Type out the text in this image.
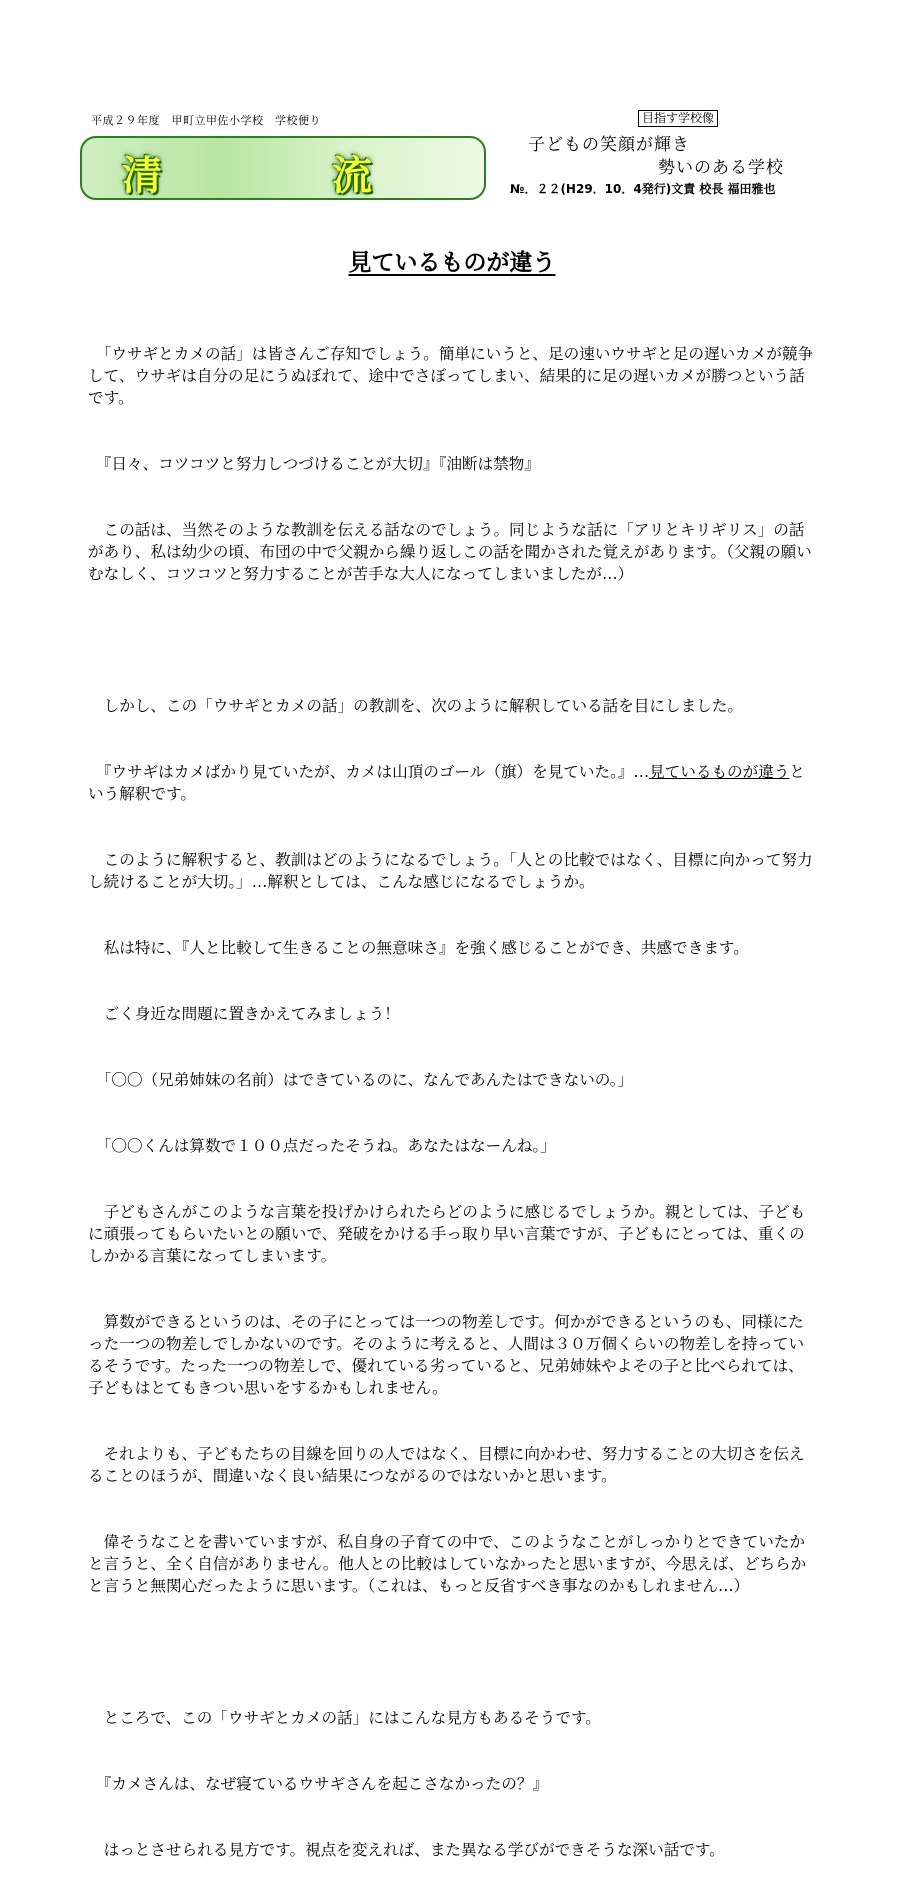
平成２９年度　甲町立甲佐小学校　学校便り
清	流
目指す学校像
子どもの笑顔が輝き
勢いのある学校
№．２２(H29．10．4発行)文責 校長 福田雅也
見ているものが違う

　「ウサギとカメの話」は皆さんご存知でしょう。簡単にいうと、足の速いウサギと足の遅いカメが競争して、ウサギは自分の足にうぬぼれて、途中でさぼってしまい、結果的に足の遅いカメが勝つという話です。

　『日々、コツコツと努力しつづけることが大切』『油断は禁物』

　この話は、当然そのような教訓を伝える話なのでしょう。同じような話に「アリとキリギリス」の話があり、私は幼少の頃、布団の中で父親から繰り返しこの話を聞かされた覚えがあります。（父親の願いむなしく、コツコツと努力することが苦手な大人になってしまいましたが…）

　しかし、この「ウサギとカメの話」の教訓を、次のように解釈している話を目にしました。

　『ウサギはカメばかり見ていたが、カメは山頂のゴール（旗）を見ていた。』…見ているものが違うという解釈です。

　このように解釈すると、教訓はどのようになるでしょう。「人との比較ではなく、目標に向かって努力し続けることが大切。」…解釈としては、こんな感じになるでしょうか。

　私は特に、『人と比較して生きることの無意味さ』を強く感じることができ、共感できます。

　ごく身近な問題に置きかえてみましょう！

　「〇〇（兄弟姉妹の名前）はできているのに、なんであんたはできないの。」

　「〇〇くんは算数で１００点だったそうね。あなたはなーんね。」

　子どもさんがこのような言葉を投げかけられたらどのように感じるでしょうか。親としては、子どもに頑張ってもらいたいとの願いで、発破をかける手っ取り早い言葉ですが、子どもにとっては、重くのしかかる言葉になってしまいます。

　算数ができるというのは、その子にとっては一つの物差しです。何かができるというのも、同様にたった一つの物差しでしかないのです。そのように考えると、人間は３０万個くらいの物差しを持っているそうです。たった一つの物差しで、優れている劣っていると、兄弟姉妹やよその子と比べられては、子どもはとてもきつい思いをするかもしれません。

　それよりも、子どもたちの目線を回りの人ではなく、目標に向かわせ、努力することの大切さを伝えることのほうが、間違いなく良い結果につながるのではないかと思います。

　偉そうなことを書いていますが、私自身の子育ての中で、このようなことがしっかりとできていたかと言うと、全く自信がありません。他人との比較はしていなかったと思いますが、今思えば、どちらかと言うと無関心だったように思います。（これは、もっと反省すべき事なのかもしれません…）

　ところで、この「ウサギとカメの話」にはこんな見方もあるそうです。

　『カメさんは、なぜ寝ているウサギさんを起こさなかったの？』

　はっとさせられる見方です。視点を変えれば、また異なる学びができそうな深い話です。
